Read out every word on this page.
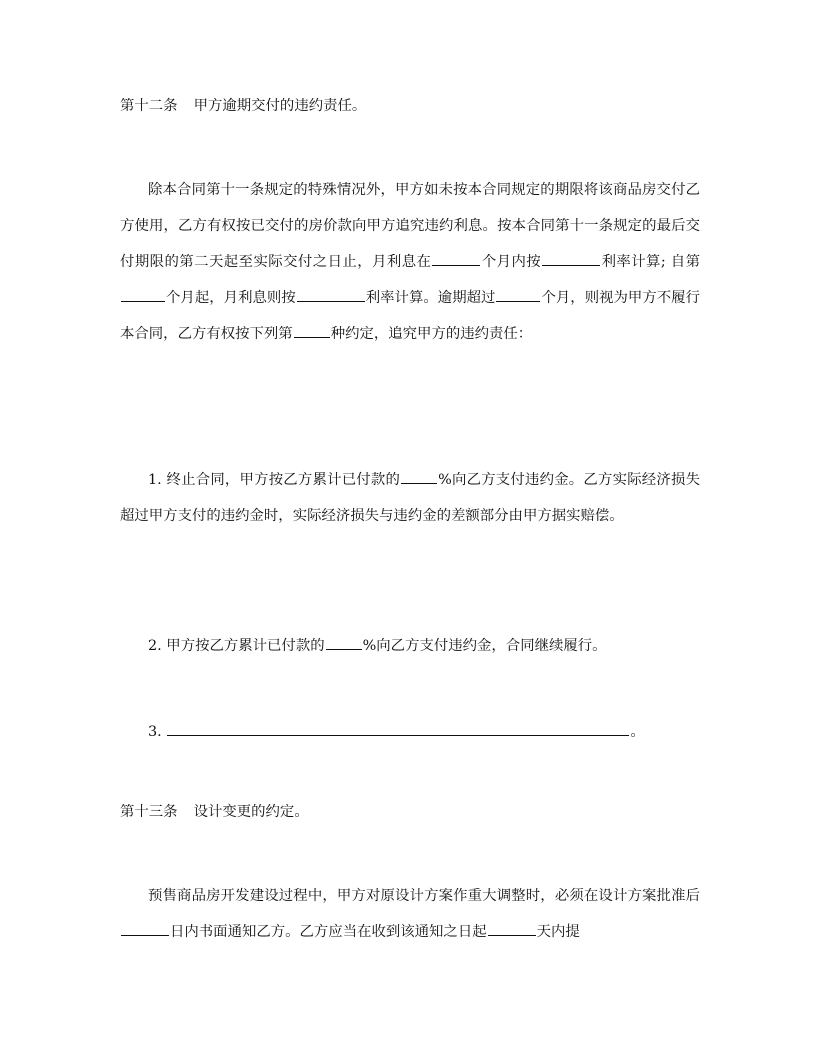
第十二条 甲方逾期交付的违约责任。

除本合同第十一条规定的特殊情况外，甲方如未按本合同规定的期限将该商品房交付乙方使用，乙方有权按已交付的房价款向甲方追究违约利息。按本合同第十一条规定的最后交付期限的第二天起至实际交付之日止，月利息在	个月内按	利率计算; 自第个月起，月利息则按	利率计算。逾期超过	个月，则视为甲方不履行本合同，乙方有权按下列第	种约定，追究甲方的违约责任：

1. 终止合同，甲方按乙方累计已付款的	%向乙方支付违约金。乙方实际经济损失超过甲方支付的违约金时，实际经济损失与违约金的差额部分由甲方据实赔偿。

2. 甲方按乙方累计已付款的	%向乙方支付违约金，合同继续履行。

3.	。

第十三条 设计变更的约定。

预售商品房开发建设过程中，甲方对原设计方案作重大调整时，必须在设计方案批准后日内书面通知乙方。乙方应当在收到该通知之日起	天内提
